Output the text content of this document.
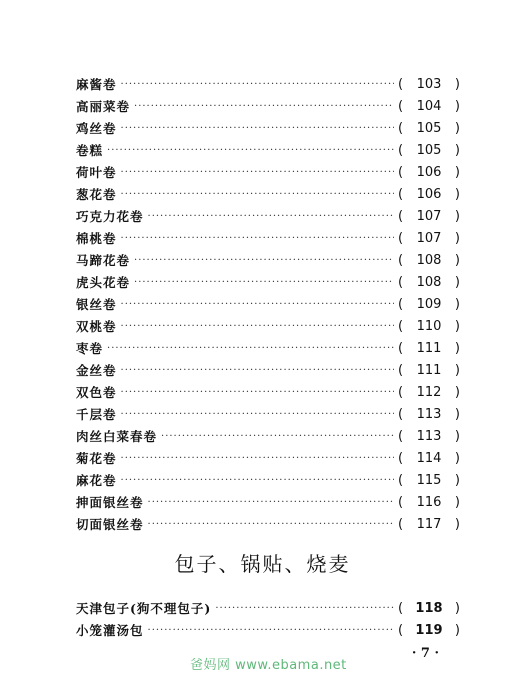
麻酱卷 ·····	(	103	)
高丽菜卷 ·····	(	104	)
鸡丝卷 ·····	(	105	)
卷糕 ·····	(	105	)
荷叶卷 ·····	(	106	)
葱花卷 ·····	(	106	)
巧克力花卷 ·····	(	107	)
棉桃卷 ·····	(	107	)
马蹄花卷 ·····	(	108	)
虎头花卷 ·····	(	108	)
银丝卷 ·····	(	109	)
双桃卷 ·····	(	110	)
枣卷 ·····	(	111	)
金丝卷 ·····	(	111	)
双色卷 ·····	(	112	)
千层卷 ·····	(	113	)
肉丝白菜春卷 ·····	(	113	)
菊花卷 ·····	(	114	)
麻花卷 ·····	(	115	)
抻面银丝卷 ·····	(	116	)
切面银丝卷 ·····	(	117	)
包子、锅贴、烧麦
天津包子(狗不理包子) ·····	( 118 )
小笼灌汤包 ·····	( 119 )
· 7 ·
爸妈网 www.ebama.net
